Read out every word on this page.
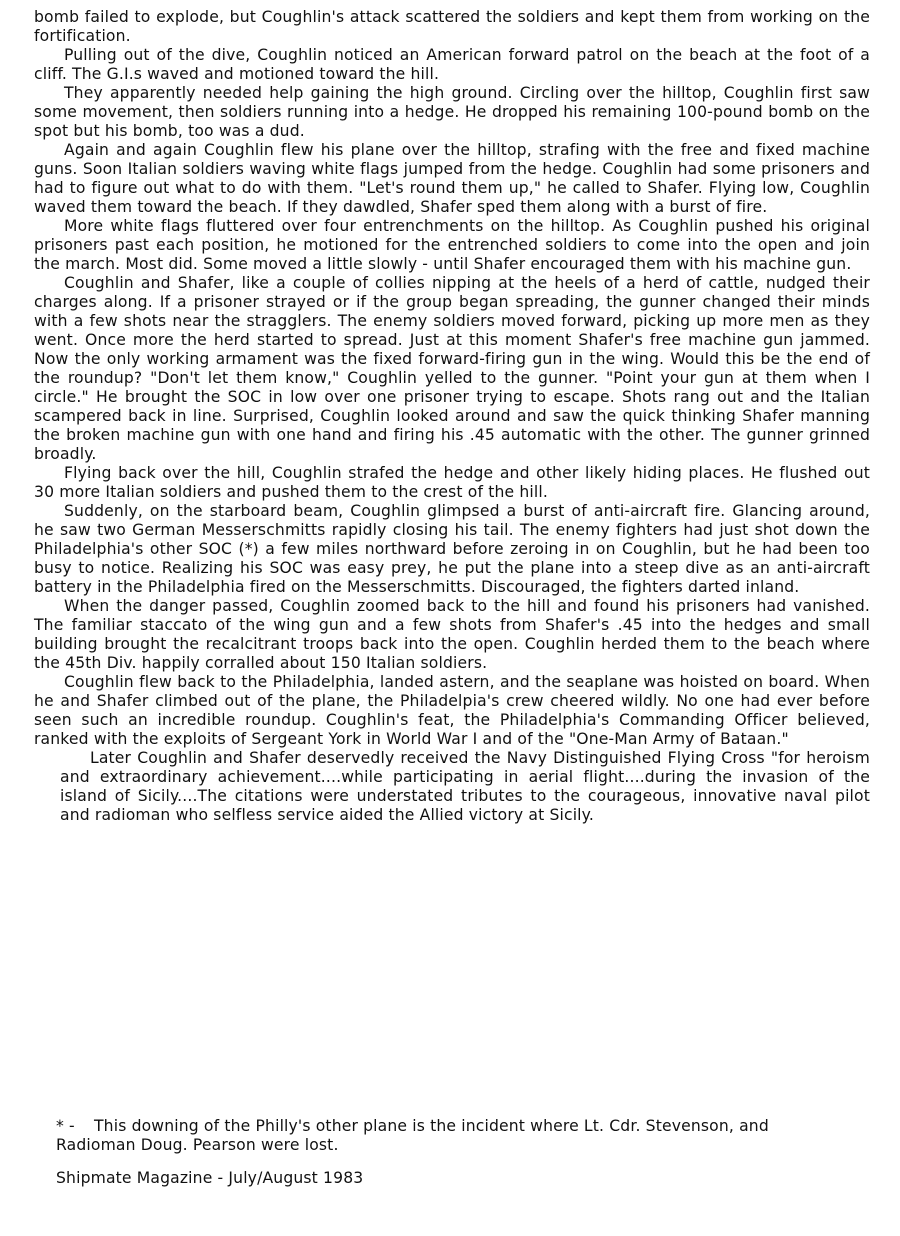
bomb failed to explode, but Coughlin's attack scattered the soldiers and kept them from working on the fortification.

Pulling out of the dive, Coughlin noticed an American forward patrol on the beach at the foot of a cliff. The G.I.s waved and motioned toward the hill.

They apparently needed help gaining the high ground. Circling over the hilltop, Coughlin first saw some movement, then soldiers running into a hedge. He dropped his remaining 100-pound bomb on the spot but his bomb, too was a dud.

Again and again Coughlin flew his plane over the hilltop, strafing with the free and fixed machine guns. Soon Italian soldiers waving white flags jumped from the hedge. Coughlin had some prisoners and had to figure out what to do with them. "Let's round them up," he called to Shafer. Flying low, Coughlin waved them toward the beach. If they dawdled, Shafer sped them along with a burst of fire.

More white flags fluttered over four entrenchments on the hilltop. As Coughlin pushed his original prisoners past each position, he motioned for the entrenched soldiers to come into the open and join the march. Most did. Some moved a little slowly - until Shafer encouraged them with his machine gun.

Coughlin and Shafer, like a couple of collies nipping at the heels of a herd of cattle, nudged their charges along. If a prisoner strayed or if the group began spreading, the gunner changed their minds with a few shots near the stragglers. The enemy soldiers moved forward, picking up more men as they went. Once more the herd started to spread. Just at this moment Shafer's free machine gun jammed. Now the only working armament was the fixed forward-firing gun in the wing. Would this be the end of the roundup? "Don't let them know," Coughlin yelled to the gunner. "Point your gun at them when I circle." He brought the SOC in low over one prisoner trying to escape. Shots rang out and the Italian scampered back in line. Surprised, Coughlin looked around and saw the quick thinking Shafer manning the broken machine gun with one hand and firing his .45 automatic with the other. The gunner grinned broadly.

Flying back over the hill, Coughlin strafed the hedge and other likely hiding places. He flushed out 30 more Italian soldiers and pushed them to the crest of the hill.

Suddenly, on the starboard beam, Coughlin glimpsed a burst of anti-aircraft fire. Glancing around, he saw two German Messerschmitts rapidly closing his tail. The enemy fighters had just shot down the Philadelphia's other SOC (*) a few miles northward before zeroing in on Coughlin, but he had been too busy to notice. Realizing his SOC was easy prey, he put the plane into a steep dive as an anti-aircraft battery in the Philadelphia fired on the Messerschmitts. Discouraged, the fighters darted inland.

When the danger passed, Coughlin zoomed back to the hill and found his prisoners had vanished. The familiar staccato of the wing gun and a few shots from Shafer's .45 into the hedges and small building brought the recalcitrant troops back into the open. Coughlin herded them to the beach where the 45th Div. happily corralled about 150 Italian soldiers.

Coughlin flew back to the Philadelphia, landed astern, and the seaplane was hoisted on board. When he and Shafer climbed out of the plane, the Philadelpia's crew cheered wildly. No one had ever before seen such an incredible roundup. Coughlin's feat, the Philadelphia's Commanding Officer believed, ranked with the exploits of Sergeant York in World War I and of the "One-Man Army of Bataan."

Later Coughlin and Shafer deservedly received the Navy Distinguished Flying Cross "for heroism and extraordinary achievement....while participating in aerial flight....during the invasion of the island of Sicily....The citations were understated tributes to the courageous, innovative naval pilot and radioman who selfless service aided the Allied victory at Sicily.

* - This downing of the Philly's other plane is the incident where Lt. Cdr. Stevenson, and Radioman Doug. Pearson were lost.
Shipmate Magazine - July/August 1983
